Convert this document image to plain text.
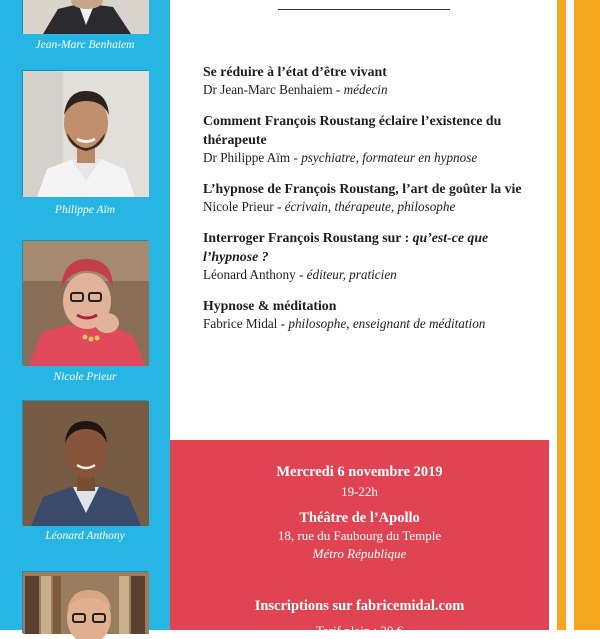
Jean-Marc Benhaiem
Philippe Aïm
Nicole Prieur
Léonard Anthony
Se réduire à l’état d’être vivant
Dr Jean-Marc Benhaiem - médecin
Comment François Roustang éclaire l’existence du thérapeute
Dr Philippe Aïm - psychiatre, formateur en hypnose
L’hypnose de François Roustang, l’art de goûter la vie
Nicole Prieur - écrivain, thérapeute, philosophe
Interroger François Roustang sur : qu’est-ce que l’hypnose ?
Léonard Anthony - éditeur, praticien
Hypnose & méditation
Fabrice Midal - philosophe, enseignant de méditation
Mercredi 6 novembre 2019
19-22h
Théâtre de l’Apollo
18, rue du Faubourg du Temple
Métro République
Inscriptions sur fabricemidal.com
Tarif plein : 20 €
